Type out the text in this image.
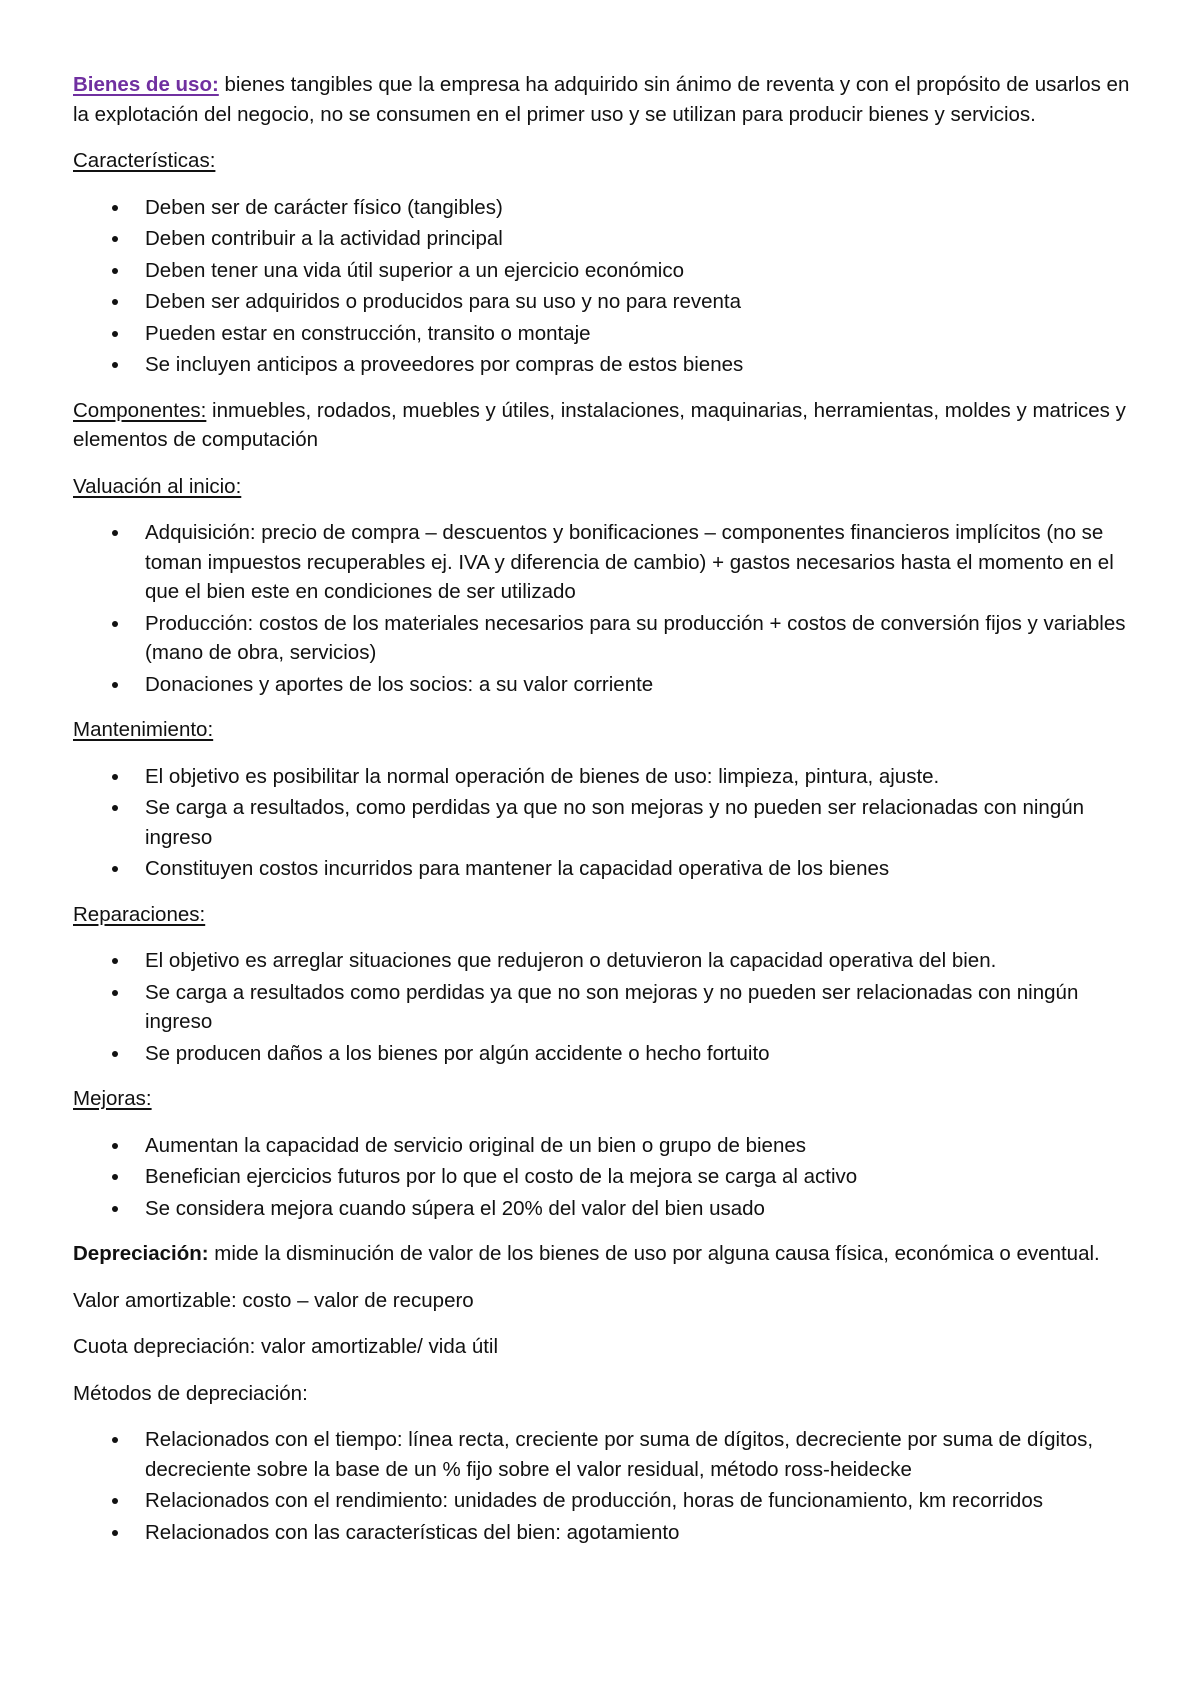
Bienes de uso: bienes tangibles que la empresa ha adquirido sin ánimo de reventa y con el propósito de usarlos en la explotación del negocio, no se consumen en el primer uso y se utilizan para producir bienes y servicios.

Características:

Deben ser de carácter físico (tangibles)
Deben contribuir a la actividad principal
Deben tener una vida útil superior a un ejercicio económico
Deben ser adquiridos o producidos para su uso y no para reventa
Pueden estar en construcción, transito o montaje
Se incluyen anticipos a proveedores por compras de estos bienes

Componentes: inmuebles, rodados, muebles y útiles, instalaciones, maquinarias, herramientas, moldes y matrices y elementos de computación

Valuación al inicio:

Adquisición: precio de compra – descuentos y bonificaciones – componentes financieros implícitos (no se toman impuestos recuperables ej. IVA y diferencia de cambio) + gastos necesarios hasta el momento en el que el bien este en condiciones de ser utilizado
Producción: costos de los materiales necesarios para su producción + costos de conversión fijos y variables (mano de obra, servicios)
Donaciones y aportes de los socios: a su valor corriente

Mantenimiento:

El objetivo es posibilitar la normal operación de bienes de uso: limpieza, pintura, ajuste.
Se carga a resultados, como perdidas ya que no son mejoras y no pueden ser relacionadas con ningún ingreso
Constituyen costos incurridos para mantener la capacidad operativa de los bienes

Reparaciones:

El objetivo es arreglar situaciones que redujeron o detuvieron la capacidad operativa del bien.
Se carga a resultados como perdidas ya que no son mejoras y no pueden ser relacionadas con ningún ingreso
Se producen daños a los bienes por algún accidente o hecho fortuito

Mejoras:

Aumentan la capacidad de servicio original de un bien o grupo de bienes
Benefician ejercicios futuros por lo que el costo de la mejora se carga al activo
Se considera mejora cuando súpera el 20% del valor del bien usado

Depreciación: mide la disminución de valor de los bienes de uso por alguna causa física, económica o eventual.

Valor amortizable: costo – valor de recupero

Cuota depreciación: valor amortizable/ vida útil

Métodos de depreciación:

Relacionados con el tiempo: línea recta, creciente por suma de dígitos, decreciente por suma de dígitos, decreciente sobre la base de un % fijo sobre el valor residual, método ross-heidecke
Relacionados con el rendimiento: unidades de producción, horas de funcionamiento, km recorridos
Relacionados con las características del bien: agotamiento
